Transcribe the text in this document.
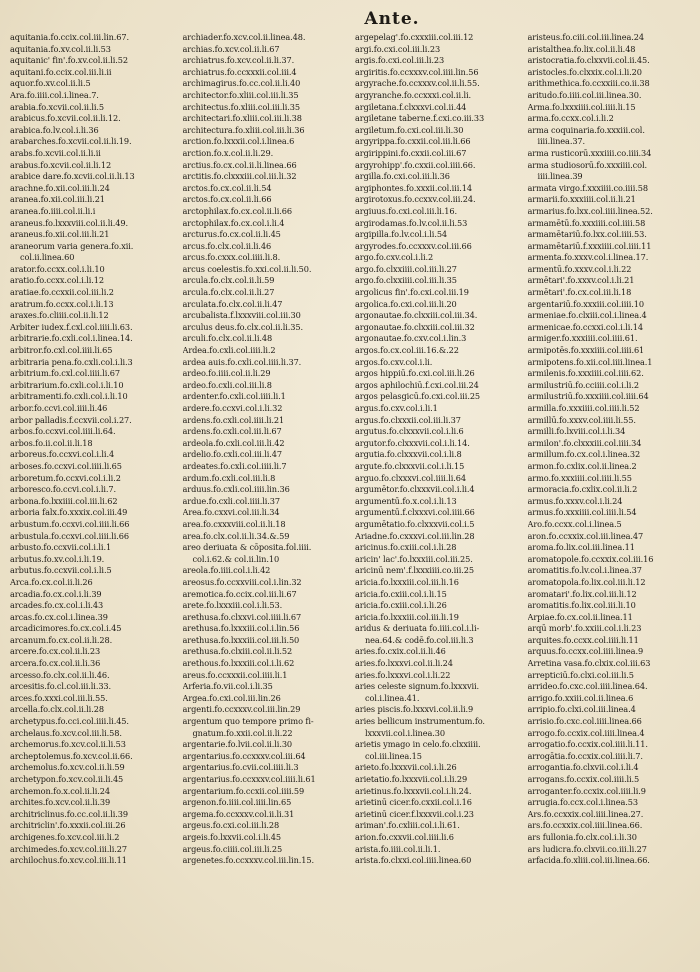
Ante.
aquitania.fo.ccix.col.iii.lin.67.
aquitania.fo.xv.col.ii.li.53
aquitanic' fin'.fo.xv.col.ii.li.52
aquitani.fo.ccix.col.iii.li.ii
aquor.fo.xv.col.ii.li.5
Ara.fo.iiii.col.i.linea.7.
arabia.fo.xcvii.col.ii.li.5
arabicus.fo.xcvii.col.ii.li.12.
arabica.fo.lv.col.i.li.36
arabarches.fo.xcvii.col.ii.li.19.
arabs.fo.xcvii.col.ii.li.ii
arabus.fo.xcvii.col.ii.li.12
arabice dare.fo.xcvii.col.ii.li.13
arachne.fo.xii.col.iii.li.24
aranea.fo.xii.col.iii.li.21
aranea.fo.iiii.col.ii.li.i
araneus.fo.lxxxviii.col.ii.li.49.
araneus.fo.xii.col.iii.li.21
araneorum varia genera.fo.xii.
col.ii.linea.60
arator.fo.ccxx.col.i.li.10
aratio.fo.ccxx.col.i.li.12
aratiae.fo.ccxxii.col.iii.li.2
aratrum.fo.ccxx.col.i.li.13
araxes.fo.cliiii.col.ii.li.12
Arbiter iudex.f.cxl.col.iiii.li.63.
arbitrarie.fo.cxli.col.i.linea.14.
arbitror.fo.cxl.col.iiii.li.65
arbitraria pena.fo.cxli.col.i.li.3
arbitrium.fo.cxl.col.iiii.li.67
arbitrarium.fo.cxli.col.i.li.10
arbitramenti.fo.cxli.col.i.li.10
arbor.fo.ccvi.col.iiii.li.46
arbor palladis.f.ccxvii.col.i.27.
arbos.fo.ccxvi.col.iiii.li.64.
arbos.fo.ii.col.ii.li.18
arboreus.fo.ccxvi.col.i.li.4
arboses.fo.ccxvi.col.iiii.li.65
arboretum.fo.ccxvi.col.i.li.2
arboresco.fo.ccvi.col.i.li.7.
arbona.fo.lxxiiii.col.iii.li.62
arboria falx.fo.xxxix.col.iii.49
arbustum.fo.ccxvi.col.iiii.li.66
arbustula.fo.ccxvi.col.iiii.li.66
arbusto.fo.ccxvii.col.i.li.1
arbutus.fo.xv.col.i.li.19.
arbutus.fo.ccxvii.col.i.li.5
Arca.fo.cx.col.ii.li.26
arcadia.fo.cx.col.i.li.39
arcades.fo.cx.col.i.li.43
arcas.fo.cx.col.i.linea.39
arcadicimores.fo.cx.col.i.45
arcanum.fo.cx.col.ii.li.28.
arcere.fo.cx.col.ii.li.23
arcera.fo.cx.col.ii.li.36
arcesso.fo.clx.col.ii.li.46.
arcesitis.fo.cl.col.iii.li.33.
arces.fo.xxxi.col.iii.li.55.
arcella.fo.clx.col.ii.li.28
archetypus.fo.cci.col.iiii.li.45.
archelaus.fo.xcv.col.iii.li.58.
archemorus.fo.xcv.col.ii.li.53
archeptolemus.fo.xcv.col.ii.66.
archemolus.fo.xcv.col.ii.li.59
archetypon.fo.xcv.col.ii.li.45
archemon.fo.x.col.ii.li.24
archites.fo.xcv.col.ii.li.39
architriclinus.fo.cc.col.ii.li.39
architriclin'.fo.xxxii.col.iii.26
archigenes.fo.xcv.col.iii.li.2
archimedes.fo.xcv.col.iii.li.27
archilochus.fo.xcv.col.iii.li.11
archiader.fo.xcv.col.ii.linea.48.
archias.fo.xcv.col.ii.li.67
archiatrus.fo.xcv.col.ii.li.37.
archiatrus.fo.ccxxxii.col.iii.4
archimagirus.fo.cc.col.ii.li.40
architector.fo.xliii.col.iii.li.35
architectus.fo.xliii.col.iii.li.35
architectari.fo.xliii.col.iii.li.38
architectura.fo.xliii.col.iii.li.36
arction.fo.lxxxii.col.i.linea.6
arction.fo.x.col.ii.li.29.
arctius.fo.cx.col.ii.li.linea.66
arctitis.fo.clxxxiii.col.iii.li.32
arctos.fo.cx.col.ii.li.54
arctos.fo.cx.col.ii.li.66
arctophilax.fo.cx.col.ii.li.66
arctophilax.fo.cx.col.i.li.4
arcturus.fo.cx.col.ii.li.45
arcus.fo.clx.col.ii.li.46
arcus.fo.cxxx.col.iiii.li.8.
arcus coelestis.fo.xxi.col.ii.li.50.
arcula.fo.clx.col.ii.li.59
arcula.fo.clx.col.ii.li.27
arculata.fo.clx.col.ii.li.47
arcubalista.f.lxxxviii.col.iii.30
arculus deus.fo.clx.col.ii.li.35.
arculi.fo.clx.col.ii.li.48
Ardea.fo.cxli.col.iiii.li.2
ardea auis.fo.cxli.col.iiii.li.37.
ardeo.fo.iiii.col.ii.li.29
ardeo.fo.cxli.col.iii.li.8
ardenter.fo.cxli.col.iiii.li.1
ardere.fo.ccxvi.col.i.li.32
ardens.fo.cxli.col.iiii.li.21
ardens.fo.cxli.col.iii.li.67
ardeola.fo.cxli.col.iii.li.42
ardelio.fo.cxli.col.iii.li.47
ardeates.fo.cxli.col.iiii.li.7
ardum.fo.cxli.col.iii.li.8
arduus.fo.cxli.col.iiii.lin.36
ardue.fo.cxli.col.iiii.li.37
Area.fo.cxxvi.col.iii.li.34
area.fo.cxxxviii.col.ii.li.18
area.fo.clx.col.ii.li.34.&.59
areo deriuata & cōposita.fol.iiii.
col.i.62.& col.ii.lin.10
areola.fo.iiii.col.i.li.42
areosus.fo.ccxxviii.col.i.lin.32
aremotica.fo.ccix.col.iii.li.67
arete.fo.lxxxiii.col.i.li.53.
arethusa.fo.clxxvi.col.iiii.li.67
arethusa.fo.lxxxiii.col.i.lin.56
arethusa.fo.lxxxiii.col.iii.li.50
arethusa.fo.clxiii.col.ii.li.52
arethous.fo.lxxxiii.col.i.li.62
areus.fo.ccxxxii.col.iiii.li.1
Arferia.fo.vii.col.i.li.35
Argea.fo.cxi.col.iii.lin.26
argenti.fo.ccxxxv.col.iii.lin.29
argentum quo tempore primo fi-
gnatum.fo.xxii.col.ii.li.22
argentarie.fo.lvii.col.ii.li.30
argentarius.fo.ccxxxv.col.iii.64
argentarius.fo.cvii.col.iiii.li.3
argentarius.fo.ccxxxv.col.iiii.li.61
argentarium.fo.ccxii.col.iiii.59
argenon.fo.iiii.col.iiii.lin.65
argema.fo.ccxxxv.col.ii.li.31
argeus.fo.cxi.col.iii.li.28
argeis.fo.lxxvii.col.i.li.45
argeus.fo.ciiii.col.iii.li.25
argenetes.fo.ccxxxv.col.iii.lin.15.
argepelag'.fo.cxxxiii.col.iii.12
argi.fo.cxi.col.iii.li.23
argis.fo.cxi.col.iii.li.23
argiritis.fo.ccxxxv.col.iiii.lin.56
argyrache.fo.ccxxxv.col.ii.li.55.
argyranche.fo.ccxxxi.col.ii.li.
argiletana.f.clxxxvi.col.ii.44
argiletane taberne.f.cxi.co.iii.33
argiletum.fo.cxi.col.iii.li.30
argyrippa.fo.cxxii.col.iii.li.66
argirippini.fo.cxxii.col.iii.67
argyrohipp'.fo.cxxii.col.iiii.66.
argilla.fo.cxi.col.iii.li.36
argiphontes.fo.xxxii.col.iii.14
argirotoxus.fo.ccxxv.col.iii.24.
argiuus.fo.cxi.col.iii.li.16.
argirodamas.fo.lv.col.ii.li.53
argipilla.fo.lv.col.i.li.54
argyrodes.fo.ccxxxv.col.iii.66
argo.fo.cxv.col.i.li.2
argo.fo.clxxiiii.col.iii.li.27
argo.fo.clxxiiii.col.iii.li.35
argolicus fin'.fo.cxi.col.iii.19
argolica.fo.cxi.col.iii.li.20
argonautae.fo.clxxiii.col.iii.34.
argonautae.fo.clxxiii.col.iii.32
argonautae.fo.cxv.col.i.lin.3
argos.fo.cx.col.iii.16.&.22
argos.fo.cxv.col.i.li.
argos hippiū.fo.cxi.col.iii.li.26
argos aphilochiū.f.cxi.col.iii.24
argos pelasgicū.fo.cxi.col.iii.25
argus.fo.cxv.col.i.li.1
argus.fo.clxxxii.col.iii.li.37
argutus.fo.clxxxvii.col.i.li.6
argutor.fo.clxxxvii.col.i.li.14.
argutia.fo.clxxxvii.col.i.li.8
argute.fo.clxxxvii.col.i.li.15
arguo.fo.clxxxvi.col.iiii.li.64
argumētor.fo.clxxxvii.col.i.li.4
argumentū.fo.x.col.i.li.13
argumentū.f.clxxxvi.col.iiii.66
argumētatio.fo.clxxxvii.col.i.5
Ariadne.fo.cxxxvi.col.iii.lin.28
aricinus.fo.cxiii.col.i.li.28
aricin' lac'.fo.lxxxiii.col.iii.25.
aricinū nem'.f.lxxxiiii.co.iii.25
aricia.fo.lxxxiii.col.iii.li.16
aricia.fo.cxiii.col.i.li.15
aricia.fo.cxiii.col.i.li.26
aricia.fo.lxxxiii.col.iii.li.19
aridus & deriuata fo.iiii.col.i.li-
nea.64.& codē.fo.col.iii.li.3
aries.fo.cxix.col.ii.li.46
aries.fo.lxxxvi.col.ii.li.24
aries.fo.lxxxvi.col.i.li.22
aries celeste signum.fo.lxxxvii.
col.i.linea.41.
aries piscis.fo.lxxxvi.col.ii.li.9
aries bellicum instrumentum.fo.
lxxxvii.col.i.linea.30
arietis ymago in celo.fo.clxxiiii.
col.iii.linea.15
arieto.fo.lxxxvii.col.i.li.26
arietatio.fo.lxxxvii.col.i.li.29
arietinus.fo.lxxxvii.col.i.li.24.
arietinū cicer.fo.cxxii.col.i.16
arietinū cicer.f.lxxxvii.col.i.23
ariman'.fo.cxliii.col.i.li.61.
arion.fo.cxxvii.col.iiii.li.6
arista.fo.iiii.col.ii.li.1.
arista.fo.clxxi.col.iiii.linea.60
aristeus.fo.ciii.col.iii.linea.24
aristalthea.fo.lix.col.ii.li.48
aristocratia.fo.clxxvii.col.ii.45.
aristocles.fo.clxxix.col.i.li.20
arithmethica.fo.ccxxiii.co.ii.38
aritudo.fo.iiii.col.iii.linea.30.
Arma.fo.lxxxiiii.col.iiii.li.15
arma.fo.ccxx.col.i.li.2
arma coquinaria.fo.xxxiii.col.
iiii.linea.37.
arma rusticorū.xxxiiii.co.iiii.34
arma studiosorū.fo.xxxiiii.col.
iiii.linea.39
armata virgo.f.xxxiiii.co.iiii.58
armarii.fo.xxxiiii.col.ii.li.21
armarius.fo.lxx.col.iiii.linea.52.
armamētū.fo.xxxiiii.col.iiii.58
armamētariū.fo.lxx.col.iiii.53.
armamētariū.f.xxxiiii.col.iiii.11
armenta.fo.xxxv.col.i.linea.17.
armentū.fo.xxxv.col.i.li.22
armētari'.fo.xxxv.col.i.li.21
armētari'.fo.cx.col.iii.li.18
argentariū.fo.xxxiii.col.iiii.10
armeniae.fo.clxiii.col.i.linea.4
armenicae.fo.ccxxi.col.i.li.14
armiger.fo.xxxiiii.col.iiii.61.
armipotēs.fo.xxxiiii.col.iiii.61
armipotens.fo.xii.col.iiii.linea.1
armilenis.fo.xxxiiii.col.iiii.62.
armilustriū.fo.cciiii.col.i.li.2
armilustriū.fo.xxxiiii.col.iiii.64
armilla.fo.xxxiiii.col.iiii.li.52
armillū.fo.xxxv.col.iiii.li.55.
armilli.fo.lxviii.col.i.li.34
armilon'.fo.clxxxiii.col.iiii.34
armillum.fo.cx.col.i.linea.32
armon.fo.cxlix.col.ii.linea.2
armo.fo.xxxiiii.col.iiii.li.55
armoracia.fo.cxlix.col.ii.li.2
armus.fo.xxxv.col.i.li.24
armus.fo.xxxiiii.col.iiii.li.54
Aro.fo.ccxx.col.i.linea.5
aron.fo.ccxxix.col.iii.linea.47
aroma.fo.lix.col.iii.linea.11
aromatopole.fo.ccxxix.col.iii.16
aromatitis.fo.lv.col.i.linea.37
aromatopola.fo.lix.col.iii.li.12
aromatari'.fo.lix.col.iii.li.12
aromatitis.fo.lix.col.iii.li.10
Arpiae.fo.cx.col.ii.linea.11
arqū morb'.fo.xxiii.col.i.li.23
arquites.fo.ccxx.col.iiii.li.11
arquus.fo.ccxx.col.iiii.linea.9
Arretina vasa.fo.clxix.col.iii.63
arrepticiū.fo.clxi.col.iii.li.5
arrideo.fo.cxc.col.iiii.linea.64.
arrigo.fo.xxiii.col.ii.linea.6
arripio.fo.clxi.col.iii.linea.4
arrisio.fo.cxc.col.iiii.linea.66
arrogo.fo.ccxix.col.iiii.linea.4
arrogatio.fo.ccxix.col.iiii.li.11.
arrogātia.fo.ccxix.col.iiii.li.7.
arrogantia.fo.clxvii.col.i.li.4
arrogans.fo.ccxix.col.iiii.li.5
arroganter.fo.ccxix.col.iiii.li.9
arrugia.fo.ccx.col.i.linea.53
Ars.fo.ccxxix.col.iiii.linea.27.
ars.fo.ccxxix.col.iiii.linea.66.
ars fullonia.fo.clx.col.i.li.30
ars ludicra.fo.clxvii.co.iii.li.27
arfacida.fo.xliii.col.iii.linea.66.
